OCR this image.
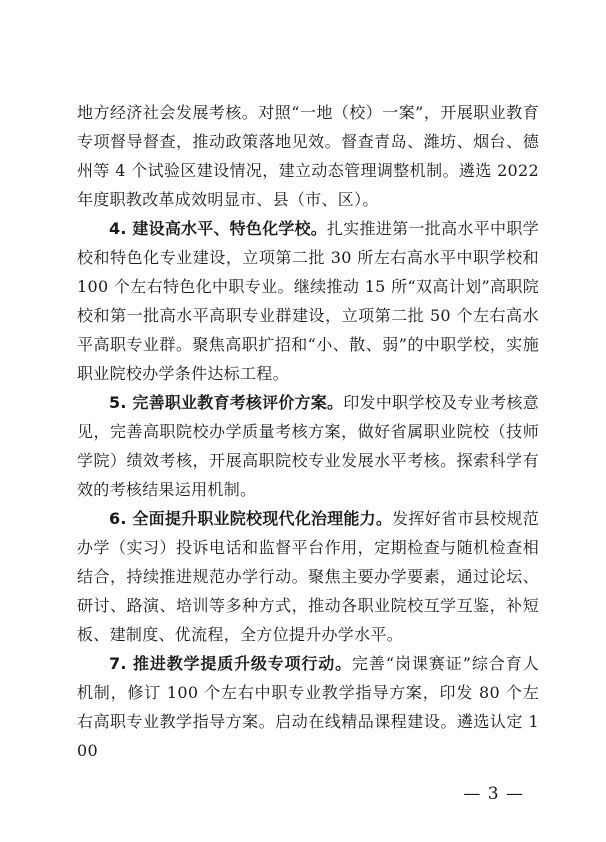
地方经济社会发展考核。对照“一地（校）一案”，开展职业教育专项督导督查，推动政策落地见效。督查青岛、潍坊、烟台、德州等 4 个试验区建设情况，建立动态管理调整机制。遴选 2022 年度职教改革成效明显市、县（市、区）。

4. 建设高水平、特色化学校。扎实推进第一批高水平中职学校和特色化专业建设，立项第二批 30 所左右高水平中职学校和 100 个左右特色化中职专业。继续推动 15 所“双高计划”高职院校和第一批高水平高职专业群建设，立项第二批 50 个左右高水平高职专业群。聚焦高职扩招和“小、散、弱”的中职学校，实施职业院校办学条件达标工程。

5. 完善职业教育考核评价方案。印发中职学校及专业考核意见，完善高职院校办学质量考核方案，做好省属职业院校（技师学院）绩效考核，开展高职院校专业发展水平考核。探索科学有效的考核结果运用机制。

6. 全面提升职业院校现代化治理能力。发挥好省市县校规范办学（实习）投诉电话和监督平台作用，定期检查与随机检查相结合，持续推进规范办学行动。聚焦主要办学要素，通过论坛、研讨、路演、培训等多种方式，推动各职业院校互学互鉴，补短板、建制度、优流程，全方位提升办学水平。

7. 推进教学提质升级专项行动。完善“岗课赛证”综合育人机制，修订 100 个左右中职专业教学指导方案，印发 80 个左右高职专业教学指导方案。启动在线精品课程建设。遴选认定 100

— 3 —
